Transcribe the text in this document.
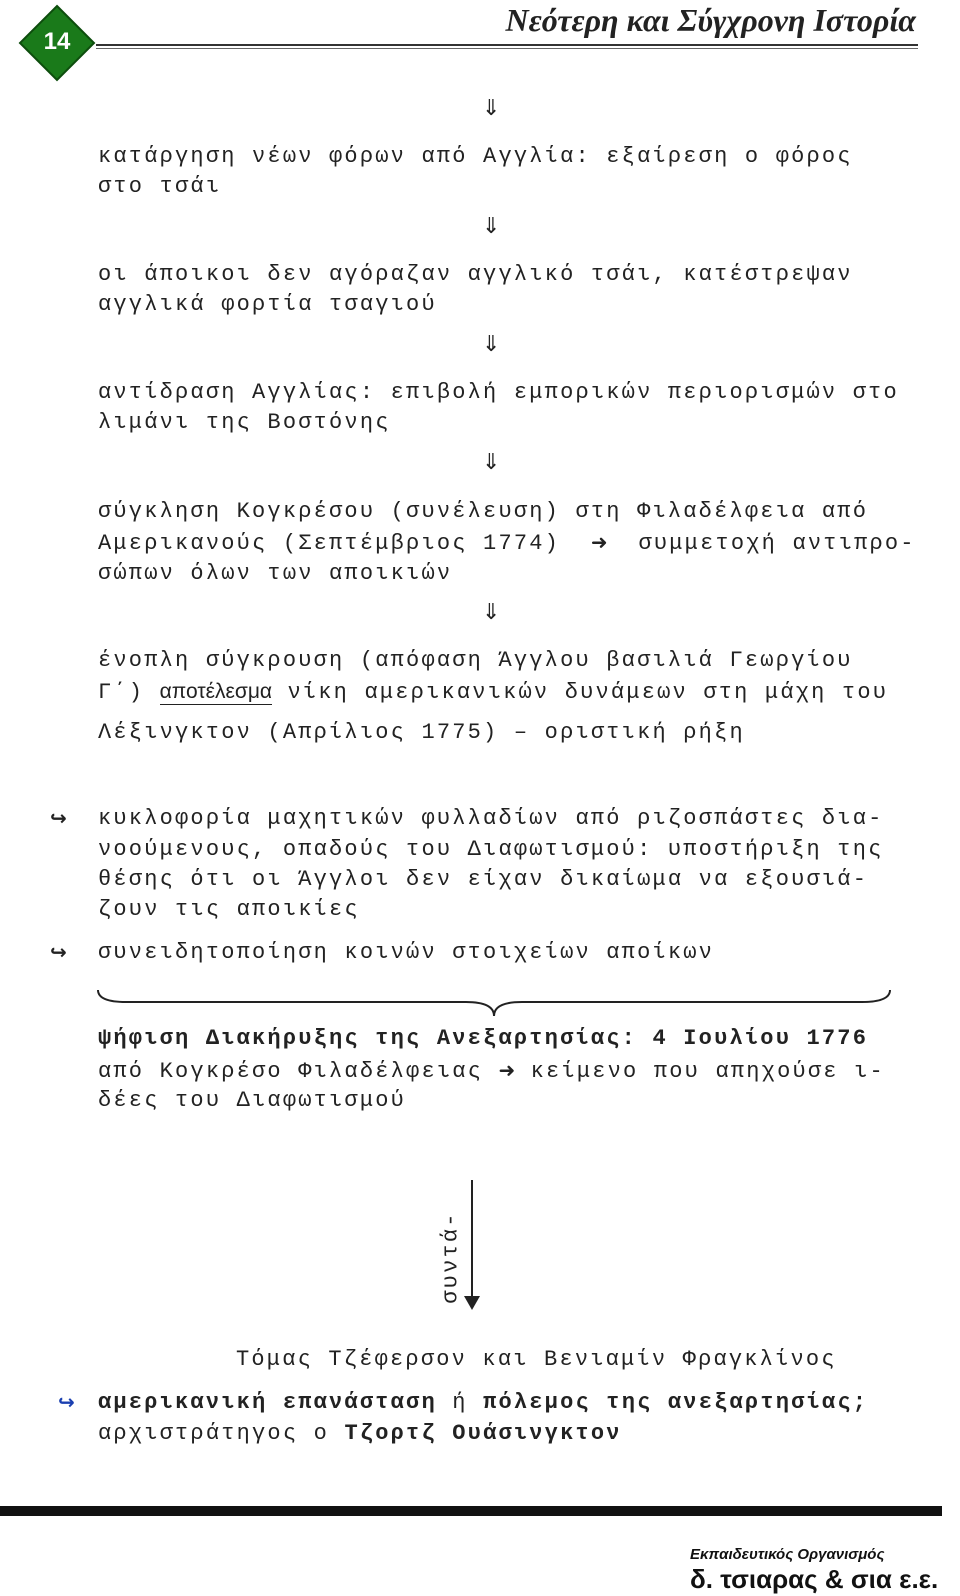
14
Νεότερη και Σύγχρονη Ιστορία
⇓
κατάργηση νέων φόρων από Αγγλία: εξαίρεση ο φόρος
στο τσάι
⇓
οι άποικοι δεν αγόραζαν αγγλικό τσάι, κατέστρεψαν
αγγλικά φορτία τσαγιού
⇓
αντίδραση Αγγλίας: επιβολή εμπορικών περιορισμών στο
λιμάνι της Βοστόνης
⇓
σύγκληση Κογκρέσου (συνέλευση) στη Φιλαδέλφεια από
Αμερικανούς (Σεπτέμβριος 1774) ➜ συμμετοχή αντιπρο-
σώπων όλων των αποικιών
⇓
ένοπλη σύγκρουση (απόφαση Άγγλου βασιλιά Γεωργίου
Γ΄) αποτέλεσμα νίκη αμερικανικών δυνάμεων στη μάχη του
Λέξινγκτον (Απρίλιος 1775) – οριστική ρήξη
↪ κυκλοφορία μαχητικών φυλλαδίων από ριζοσπάστες δια-
νοούμενους, οπαδούς του Διαφωτισμού: υποστήριξη της
θέσης ότι οι Άγγλοι δεν είχαν δικαίωμα να εξουσιά-
ζουν τις αποικίες
↪ συνειδητοποίηση κοινών στοιχείων αποίκων
ψήφιση Διακήρυξης της Ανεξαρτησίας: 4 Ιουλίου 1776
από Κογκρέσο Φιλαδέλφειας ➜ κείμενο που απηχούσε ι-
δέες του Διαφωτισμού
συντά-
Τόμας Τζέφερσον και Βενιαμίν Φραγκλίνος
↪ αμερικανική επανάσταση ή πόλεμος της ανεξαρτησίας;
αρχιστράτηγος ο Τζορτζ Ουάσινγκτον
Εκπαιδευτικός Οργανισμός
δ. τσιαρας & σια ε.ε.
